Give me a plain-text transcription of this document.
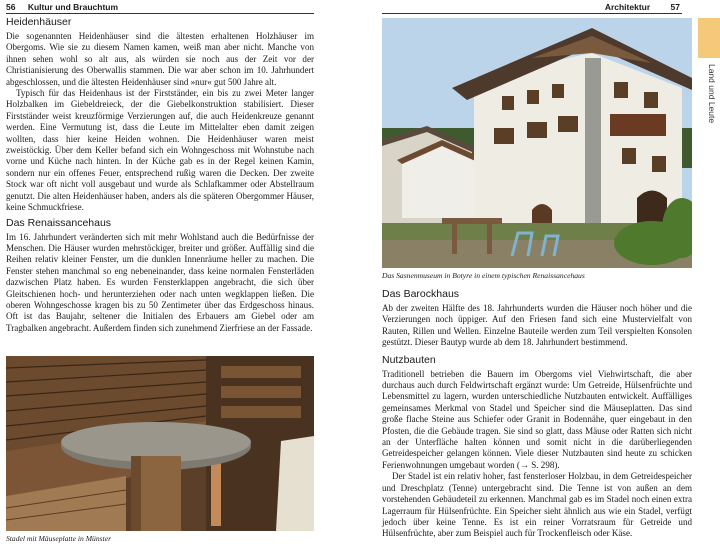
56 Kultur und Brauchtum
Heidenhäuser

Die sogenannten Heidenhäuser sind die ältesten erhaltenen Holzhäuser im Obergoms. Wie sie zu diesem Namen kamen, weiß man aber nicht. Manche von ihnen sehen wohl so alt aus, als würden sie noch aus der Zeit vor der Christianisierung des Oberwallis stammen. Die war aber schon im 10. Jahrhundert abgeschlossen, und die ältesten Heidenhäuser sind »nur« gut 500 Jahre alt.

Typisch für das Heidenhaus ist der Firstständer, ein bis zu zwei Meter langer Holzbalken im Giebeldreieck, der die Giebelkonstruktion stabilisiert. Dieser Firstständer weist kreuzförmige Verzierungen auf, die auch Heidenkreuze genannt werden. Eine Vermutung ist, dass die Leute im Mittelalter eben damit zeigen wollten, dass hier keine Heiden wohnen. Die Heidenhäuser waren meist zweistöckig. Über dem Keller befand sich ein Wohngeschoss mit Wohnstube nach vorne und Küche nach hinten. In der Küche gab es in der Regel keinen Kamin, sondern nur ein offenes Feuer, entsprechend rußig waren die Decken. Der zweite Stock war oft nicht voll ausgebaut und wurde als Schlafkammer oder Abstellraum genutzt. Die alten Heidenhäuser haben, anders als die späteren Obergommer Häuser, keine Schmuckfriese.

Das Renaissancehaus

Im 16. Jahrhundert veränderten sich mit mehr Wohlstand auch die Bedürfnisse der Menschen. Die Häuser wurden mehrstöckiger, breiter und größer. Auffällig sind die Reihen relativ kleiner Fenster, um die dunklen Innenräume heller zu machen. Die Fenster stehen manchmal so eng nebeneinander, dass keine normalen Fensterläden dazwischen Platz haben. Es wurden Fensterklappen angebracht, die sich über Gleitschienen hoch- und herunterziehen oder nach unten wegklappen ließen. Die oberen Wohngeschosse kragen bis zu 50 Zentimeter über das Erdgeschoss hinaus. Oft ist das Baujahr, seltener die Initialen des Erbauers am Giebel oder am Tragbalken angebracht. Außerdem finden sich zunehmend Zierfriese an der Fassade.

Stadel mit Mäuseplatte in Münster
Architektur 57
Land und Leute
Das Sasnenmuseum in Botyre in einem typischen Renaissancehaus
Das Barockhaus

Ab der zweiten Hälfte des 18. Jahrhunderts wurden die Häuser noch höher und die Verzierungen noch üppiger. Auf den Friesen fand sich eine Mustervielfalt von Rauten, Rillen und Wellen. Einzelne Bauteile werden zum Teil verspielten Konsolen gestützt. Dieser Bautyp wurde ab dem 18. Jahrhundert bestimmend.

Nutzbauten

Traditionell betrieben die Bauern im Obergoms viel Viehwirtschaft, die aber durchaus auch durch Feldwirtschaft ergänzt wurde: Um Getreide, Hülsenfrüchte und Lebensmittel zu lagern, wurden unterschiedliche Nutzbauten entwickelt. Auffälliges gemeinsames Merkmal von Stadel und Speicher sind die Mäuseplatten. Das sind große flache Steine aus Schiefer oder Granit in Bodennähe, quer eingebaut in den Pfosten, die die Gebäude tragen. Sie sind so glatt, dass Mäuse oder Ratten sich nicht an der Unterfläche halten können und somit nicht in die darüberliegenden Getreidespeicher gelangen können. Viele dieser Nutzbauten sind heute zu schicken Ferienwohnungen umgebaut worden (→ S. 298).

Der Stadel ist ein relativ hoher, fast fensterloser Holzbau, in dem Getreidespeicher und Dreschplatz (Tenne) untergebracht sind. Die Tenne ist von außen an dem vorstehenden Gebäudeteil zu erkennen. Manchmal gab es im Stadel noch einen extra Lagerraum für Hülsenfrüchte. Ein Speicher sieht ähnlich aus wie ein Stadel, verfügt jedoch über keine Tenne. Es ist ein reiner Vorratsraum für Getreide und Hülsenfrüchte, aber zum Beispiel auch für Trockenfleisch oder Käse.
